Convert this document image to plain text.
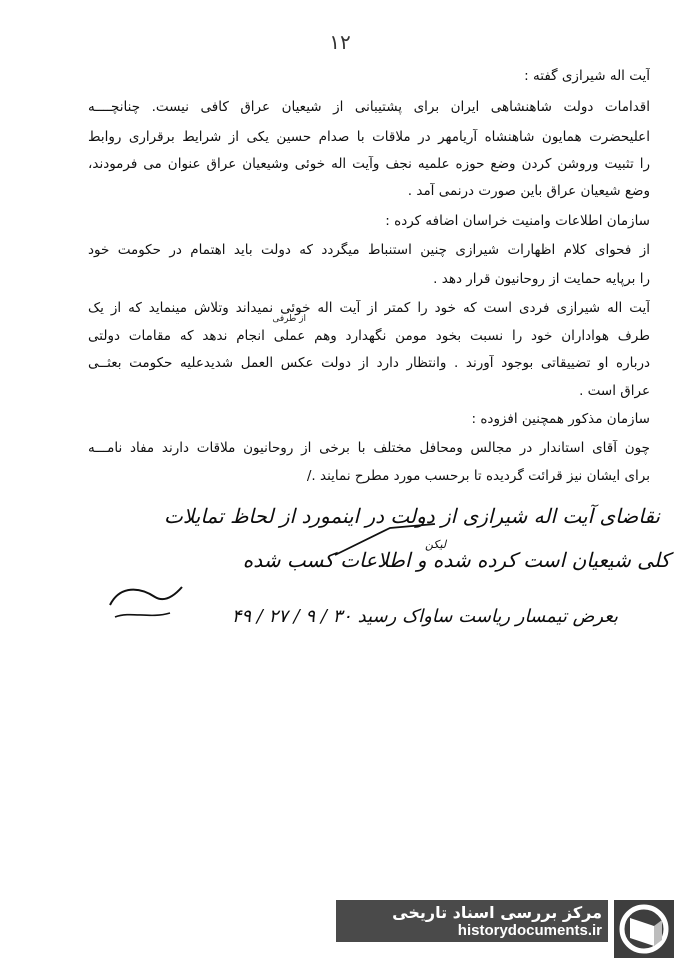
۱۲
آیت اله شیرازی گفته :
اقدامات دولت شاهنشاهی ایران برای پشتیبانی از شیعیان عراق کافی نیست. چنانچــــه
اعلیحضرت همایون شاهنشاه آریامهر در ملاقات با صدام حسین یکی از شرایط برقراری روابط
را تثبیت وروشن کردن وضع حوزه علمیه نجف وآیت اله خوئی وشیعیان عراق عنوان می فرمودند،
وضع شیعیان عراق باین صورت درنمی آمد .
سازمان اطلاعات وامنیت خراسان اضافه کرده :
از فحوای کلام اظهارات شیرازی چنین استنباط میگردد که دولت باید اهتمام در حکومت خود
را برپایه حمایت از روحانیون قرار دهد .
آیت اله شیرازی فردی است که خود را کمتر از آیت اله خوئی نمیداند وتلاش مینماید که از یک
طرف هواداران خود را نسبت بخود مومن نگهدارد وهم عملی انجام ندهد که مقامات دولتی
درباره او تضییقاتی بوجود آورند . وانتظار دارد از دولت عکس العمل شدیدعلیه حکومت بعثــی
عراق است .
سازمان مذکور همچنین افزوده :
چون آقای استاندار در مجالس ومحافل مختلف با برخی از روحانیون ملاقات دارند مفاد نامـــه
برای ایشان نیز قرائت گردیده تا برحسب مورد مطرح نمایند ./
از طرفی
نقاضای آیت اله شیرازی از دولت در اینمورد از لحاظ تمایلات
لیکن
کلی شیعیان است کرده شده و اطلاعات کسب شده
بعرض تیمسار ریاست ساواک رسید ۳۰ / ۹ / ۲۷ / ۴۹
مرکز بررسی اسناد تاریخی
historydocuments.ir
